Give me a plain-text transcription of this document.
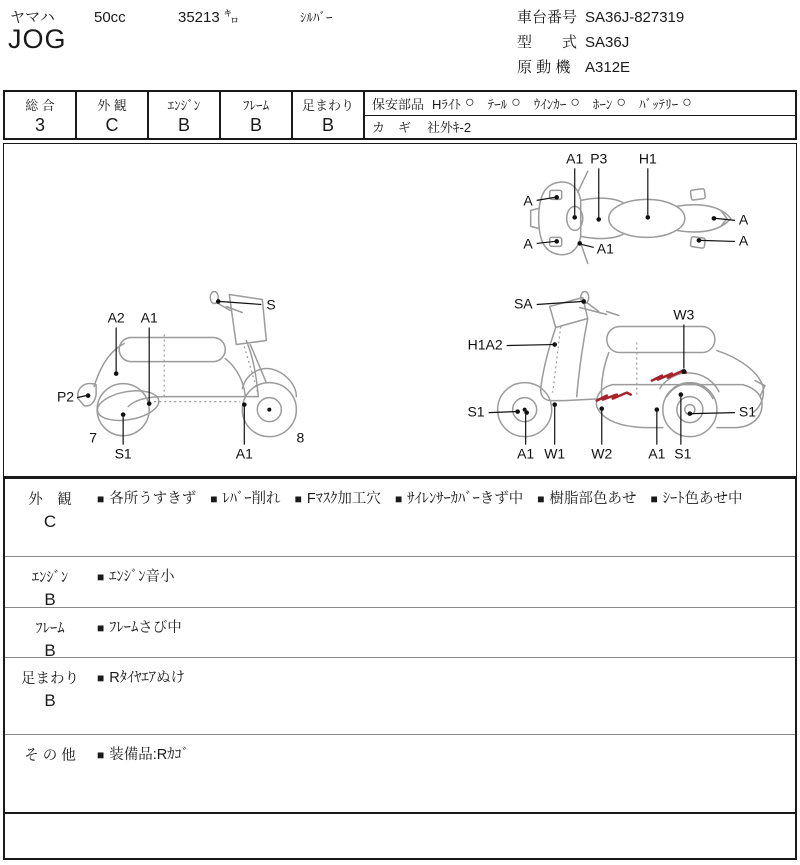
ヤマハ	50cc	35213 ㌔	ｼﾙﾊﾞｰ
JOG
車台番号 SA36J-827319
型　　式 SA36J
原 動 機 A312E
総 合
3
外 観
C
ｴﾝｼﾞﾝ
B
ﾌﾚｰﾑ
B
足まわり
B
保安部品 Hﾗｲﾄ ○ ﾃｰﾙ ○ ｳｲﾝｶｰ ○ ﾎｰﾝ ○ ﾊﾞｯﾃﾘｰ ○
カ　ギ 社外ｷ-2
A1 P3 H1
A
A	A1
A
A
S
A2 A1
P2
7
S1	A1
8
SA
H1A2
W3
S1
A1 W1 W2	A1 S1
S1
外　観
C
■ 各所うすきず ■ ﾚﾊﾞｰ削れ ■ Fﾏｽｸ加工穴 ■ ｻｲﾚﾝｻｰｶﾊﾞｰきず中 ■ 樹脂部色あせ ■ ｼｰﾄ色あせ中
ｴﾝｼﾞﾝ
B
■ ｴﾝｼﾞﾝ音小
ﾌﾚｰﾑ
B
■ ﾌﾚｰﾑさび中
足まわり
B
■ Rﾀｲﾔｴｱぬけ
そ の 他 ■ 装備品:Rｶｺﾞ
